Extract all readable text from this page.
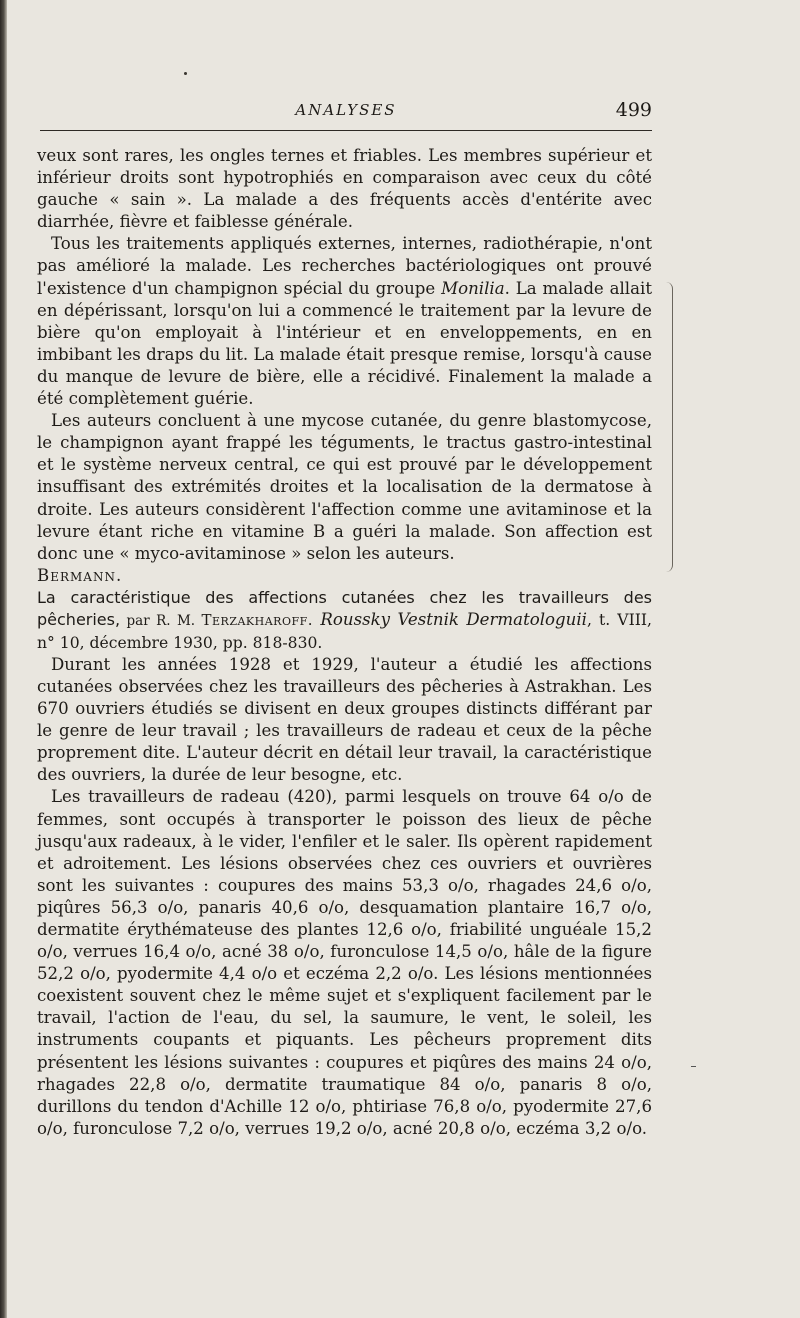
ANALYSES	499

veux sont rares, les ongles ternes et friables. Les membres supérieur et inférieur droits sont hypotrophiés en comparaison avec ceux du côté gauche « sain ». La malade a des fréquents accès d'entérite avec diarrhée, fièvre et faiblesse générale.

Tous les traitements appliqués externes, internes, radiothérapie, n'ont pas amélioré la malade. Les recherches bactériologiques ont prouvé l'existence d'un champignon spécial du groupe Monilia. La malade allait en dépérissant, lorsqu'on lui a commencé le traitement par la levure de bière qu'on employait à l'intérieur et en enveloppements, en en imbibant les draps du lit. La malade était presque remise, lorsqu'à cause du manque de levure de bière, elle a récidivé. Finalement la malade a été complètement guérie.

Les auteurs concluent à une mycose cutanée, du genre blastomycose, le champignon ayant frappé les téguments, le tractus gastro-intestinal et le système nerveux central, ce qui est prouvé par le développement insuffisant des extrémités droites et la localisation de la dermatose à droite. Les auteurs considèrent l'affection comme une avitaminose et la levure étant riche en vitamine B a guéri la malade. Son affection est donc une « myco-avitaminose » selon les auteurs.

Bermann.

La caractéristique des affections cutanées chez les travailleurs des pêcheries, par R. M. Terzakharoff. Roussky Vestnik Dermatologuii, t. VIII, n° 10, décembre 1930, pp. 818-830.

Durant les années 1928 et 1929, l'auteur a étudié les affections cutanées observées chez les travailleurs des pêcheries à Astrakhan. Les 670 ouvriers étudiés se divisent en deux groupes distincts différant par le genre de leur travail ; les travailleurs de radeau et ceux de la pêche proprement dite. L'auteur décrit en détail leur travail, la caractéristique des ouvriers, la durée de leur besogne, etc.

Les travailleurs de radeau (420), parmi lesquels on trouve 64 o/o de femmes, sont occupés à transporter le poisson des lieux de pêche jusqu'aux radeaux, à le vider, l'enfiler et le saler. Ils opèrent rapidement et adroitement. Les lésions observées chez ces ouvriers et ouvrières sont les suivantes : coupures des mains 53,3 o/o, rhagades 24,6 o/o, piqûres 56,3 o/o, panaris 40,6 o/o, desquamation plantaire 16,7 o/o, dermatite érythémateuse des plantes 12,6 o/o, friabilité unguéale 15,2 o/o, verrues 16,4 o/o, acné 38 o/o, furonculose 14,5 o/o, hâle de la figure 52,2 o/o, pyodermite 4,4 o/o et eczéma 2,2 o/o. Les lésions mentionnées coexistent souvent chez le même sujet et s'expliquent facilement par le travail, l'action de l'eau, du sel, la saumure, le vent, le soleil, les instruments coupants et piquants. Les pêcheurs proprement dits présentent les lésions suivantes : coupures et piqûres des mains 24 o/o, rhagades 22,8 o/o, dermatite traumatique 84 o/o, panaris 8 o/o, durillons du tendon d'Achille 12 o/o, phtiriase 76,8 o/o, pyodermite 27,6 o/o, furonculose 7,2 o/o, verrues 19,2 o/o, acné 20,8 o/o, eczéma 3,2 o/o.
